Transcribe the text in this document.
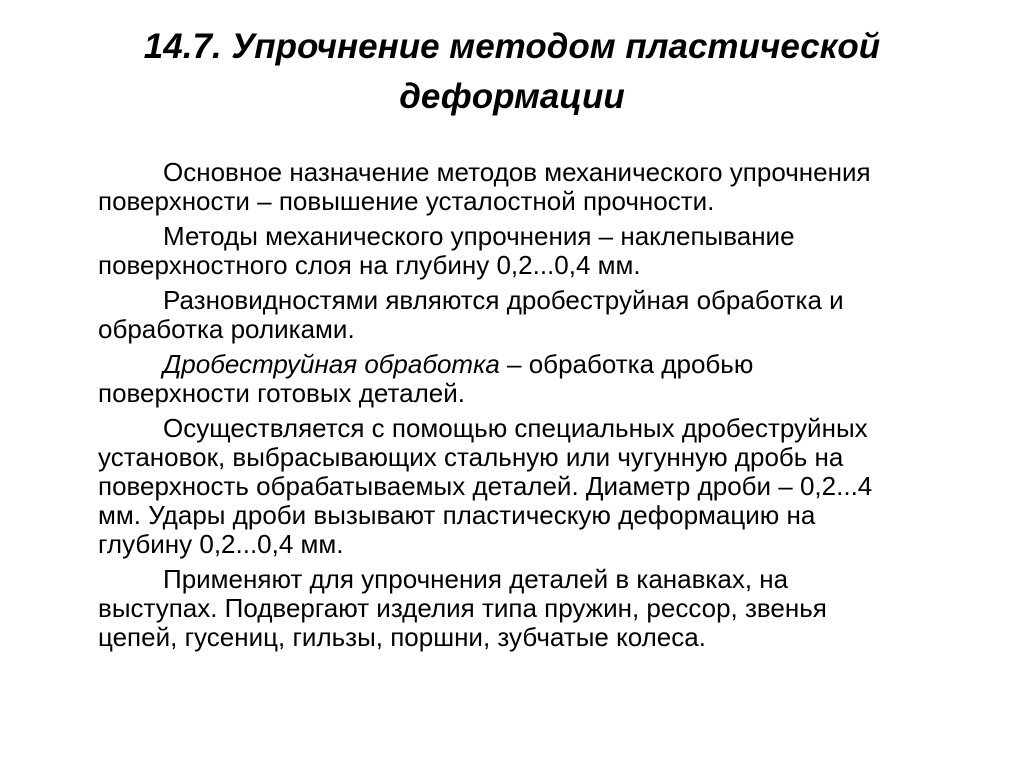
14.7. Упрочнение методом пластической
деформации

Основное назначение методов механического упрочнения
поверхности – повышение усталостной прочности.

Методы механического упрочнения – наклепывание
поверхностного слоя на глубину 0,2...0,4 мм.

Разновидностями являются дробеструйная обработка и
обработка роликами.

Дробеструйная обработка – обработка дробью
поверхности готовых деталей.

Осуществляется с помощью специальных дробеструйных
установок, выбрасывающих стальную или чугунную дробь на
поверхность обрабатываемых деталей. Диаметр дроби – 0,2...4
мм. Удары дроби вызывают пластическую деформацию на
глубину 0,2...0,4 мм.

Применяют для упрочнения деталей в канавках, на
выступах. Подвергают изделия типа пружин, рессор, звенья
цепей, гусениц, гильзы, поршни, зубчатые колеса.
